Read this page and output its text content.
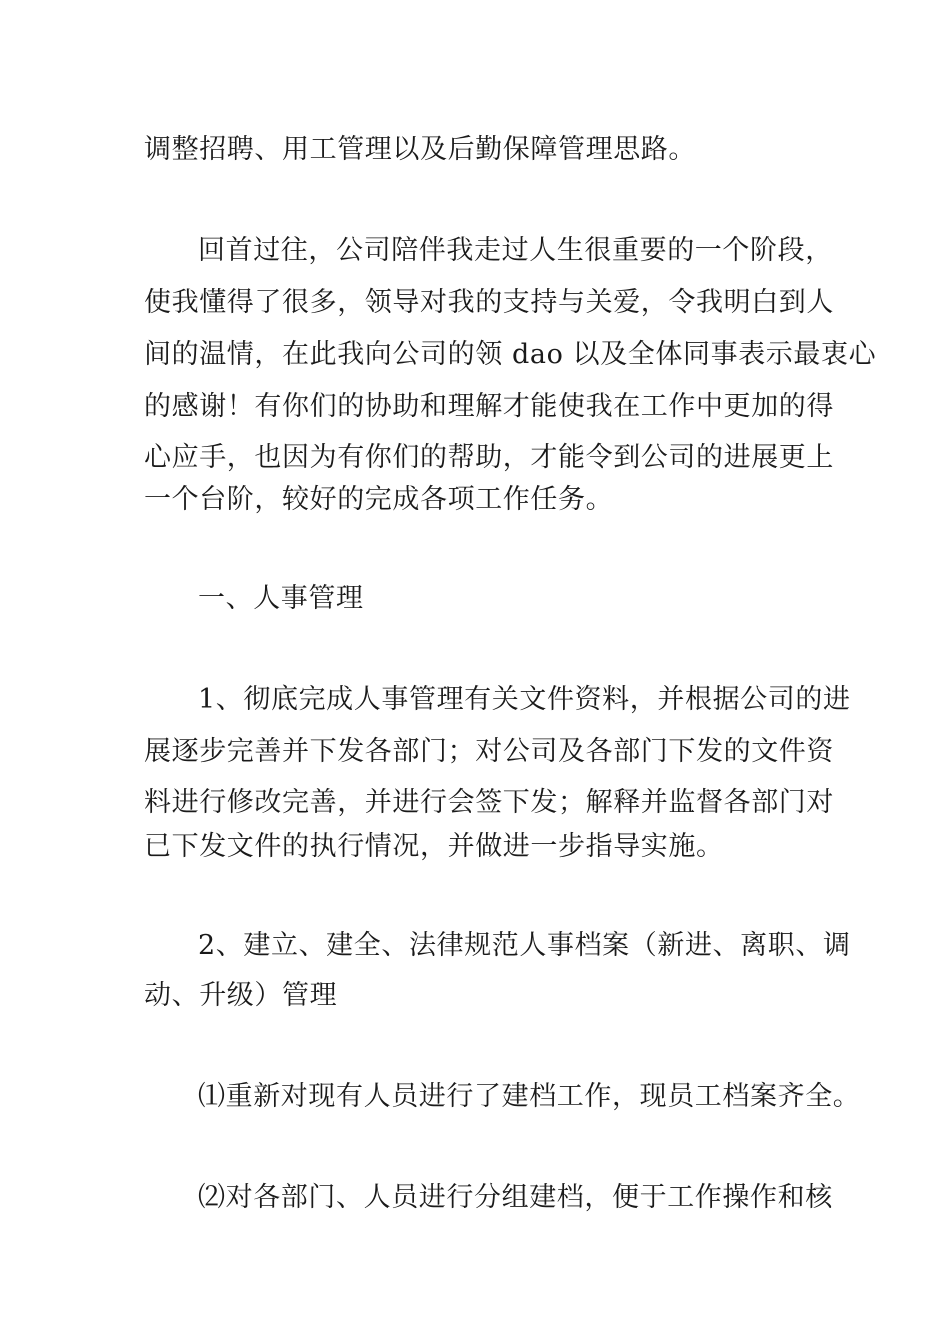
调整招聘、用工管理以及后勤保障管理思路。
回首过往，公司陪伴我走过人生很重要的一个阶段，
使我懂得了很多，领导对我的支持与关爱，令我明白到人
间的温情，在此我向公司的领 dao 以及全体同事表示最衷心
的感谢！有你们的协助和理解才能使我在工作中更加的得
心应手，也因为有你们的帮助，才能令到公司的进展更上
一个台阶，较好的完成各项工作任务。
一、人事管理
1、彻底完成人事管理有关文件资料，并根据公司的进
展逐步完善并下发各部门；对公司及各部门下发的文件资
料进行修改完善，并进行会签下发；解释并监督各部门对
已下发文件的执行情况，并做进一步指导实施。
2、建立、建全、法律规范人事档案（新进、离职、调
动、升级）管理
⑴重新对现有人员进行了建档工作，现员工档案齐全。
⑵对各部门、人员进行分组建档，便于工作操作和核
